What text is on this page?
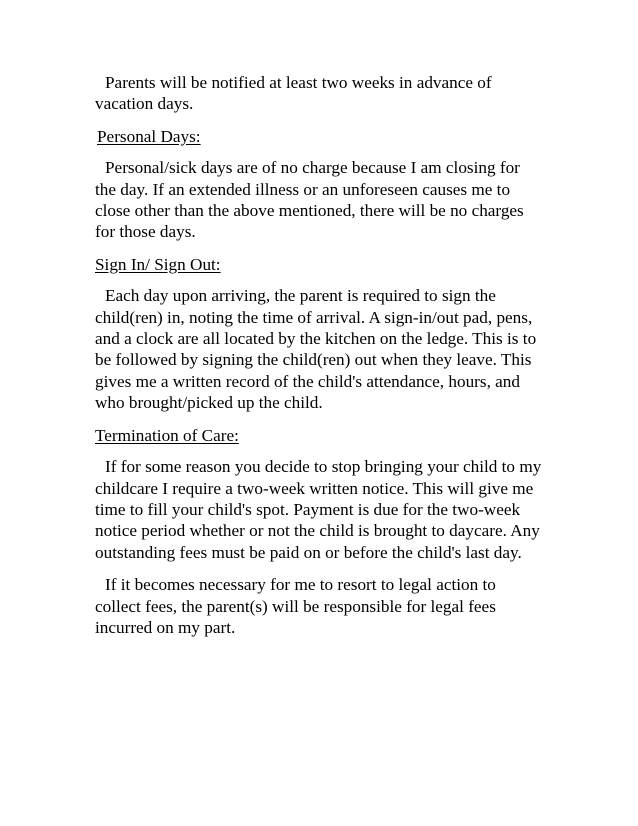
Parents will be notified at least two weeks in advance of vacation days.

Personal Days:

Personal/sick days are of no charge because I am closing for the day. If an extended illness or an unforeseen causes me to close other than the above mentioned, there will be no charges for those days.

Sign In/ Sign Out:

Each day upon arriving, the parent is required to sign the child(ren) in, noting the time of arrival. A sign-in/out pad, pens, and a clock are all located by the kitchen on the ledge. This is to be followed by signing the child(ren) out when they leave. This gives me a written record of the child's attendance, hours, and who brought/picked up the child.

Termination of Care:

If for some reason you decide to stop bringing your child to my childcare I require a two-week written notice. This will give me time to fill your child's spot. Payment is due for the two-week notice period whether or not the child is brought to daycare. Any outstanding fees must be paid on or before the child's last day.

If it becomes necessary for me to resort to legal action to collect fees, the parent(s) will be responsible for legal fees incurred on my part.
